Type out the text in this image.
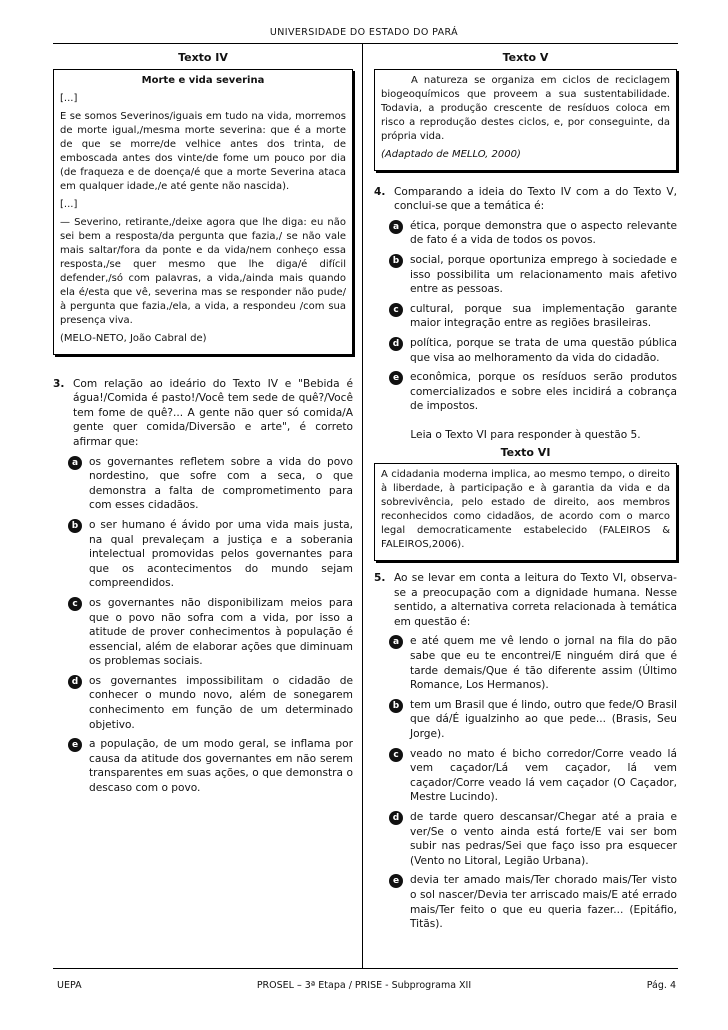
UNIVERSIDADE DO ESTADO DO PARÁ
Texto IV
Morte e vida severina

[...]

E se somos Severinos/iguais em tudo na vida, morremos de morte igual,/mesma morte severina: que é a morte de que se morre/de velhice antes dos trinta, de emboscada antes dos vinte/de fome um pouco por dia (de fraqueza e de doença/é que a morte Severina ataca em qualquer idade,/e até gente não nascida).

[...]

— Severino, retirante,/deixe agora que lhe diga: eu não sei bem a resposta/da pergunta que fazia,/ se não vale mais saltar/fora da ponte e da vida/nem conheço essa resposta,/se quer mesmo que lhe diga/é difícil defender,/só com palavras, a vida,/ainda mais quando ela é/esta que vê, severina mas se responder não pude/à pergunta que fazia,/ela, a vida, a respondeu /com sua presença viva.

(MELO-NETO, João Cabral de)

3. Com relação ao ideário do Texto IV e "Bebida é água!/Comida é pasto!/Você tem sede de quê?/Você tem fome de quê?... A gente não quer só comida/A gente quer comida/Diversão e arte", é correto afirmar que:
a	os governantes refletem sobre a vida do povo nordestino, que sofre com a seca, o que demonstra a falta de comprometimento para com esses cidadãos.
b	o ser humano é ávido por uma vida mais justa, na qual prevaleçam a justiça e a soberania intelectual promovidas pelos governantes para que os acontecimentos do mundo sejam compreendidos.
c	os governantes não disponibilizam meios para que o povo não sofra com a vida, por isso a atitude de prover conhecimentos à população é essencial, além de elaborar ações que diminuam os problemas sociais.
d	os governantes impossibilitam o cidadão de conhecer o mundo novo, além de sonegarem conhecimento em função de um determinado objetivo.
e	a população, de um modo geral, se inflama por causa da atitude dos governantes em não serem transparentes em suas ações, o que demonstra o descaso com o povo.
Texto V

A natureza se organiza em ciclos de reciclagem biogeoquímicos que proveem a sua sustentabilidade. Todavia, a produção crescente de resíduos coloca em risco a reprodução destes ciclos, e, por conseguinte, da própria vida.

(Adaptado de MELLO, 2000)

4. Comparando a ideia do Texto IV com a do Texto V, conclui-se que a temática é:
a	ética, porque demonstra que o aspecto relevante de fato é a vida de todos os povos.
b	social, porque oportuniza emprego à sociedade e isso possibilita um relacionamento mais afetivo entre as pessoas.
c	cultural, porque sua implementação garante maior integração entre as regiões brasileiras.
d	política, porque se trata de uma questão pública que visa ao melhoramento da vida do cidadão.
e	econômica, porque os resíduos serão produtos comercializados e sobre eles incidirá a cobrança de impostos.
Leia o Texto VI para responder à questão 5.
Texto VI

A cidadania moderna implica, ao mesmo tempo, o direito à liberdade, à participação e à garantia da vida e da sobrevivência, pelo estado de direito, aos membros reconhecidos como cidadãos, de acordo com o marco legal democraticamente estabelecido (FALEIROS & FALEIROS,2006).

5. Ao se levar em conta a leitura do Texto VI, observa-se a preocupação com a dignidade humana. Nesse sentido, a alternativa correta relacionada à temática em questão é:
a	e até quem me vê lendo o jornal na fila do pão sabe que eu te encontrei/E ninguém dirá que é tarde demais/Que é tão diferente assim (Último Romance, Los Hermanos).
b	tem um Brasil que é lindo, outro que fede/O Brasil que dá/É igualzinho ao que pede... (Brasis, Seu Jorge).
c	veado no mato é bicho corredor/Corre veado lá vem caçador/Lá vem caçador, lá vem caçador/Corre veado lá vem caçador (O Caçador, Mestre Lucindo).
d	de tarde quero descansar/Chegar até a praia e ver/Se o vento ainda está forte/E vai ser bom subir nas pedras/Sei que faço isso pra esquecer (Vento no Litoral, Legião Urbana).
e	devia ter amado mais/Ter chorado mais/Ter visto o sol nascer/Devia ter arriscado mais/E até errado mais/Ter feito o que eu queria fazer... (Epitáfio, Titãs).
UEPA	PROSEL – 3ª Etapa / PRISE - Subprograma XII	Pág. 4
